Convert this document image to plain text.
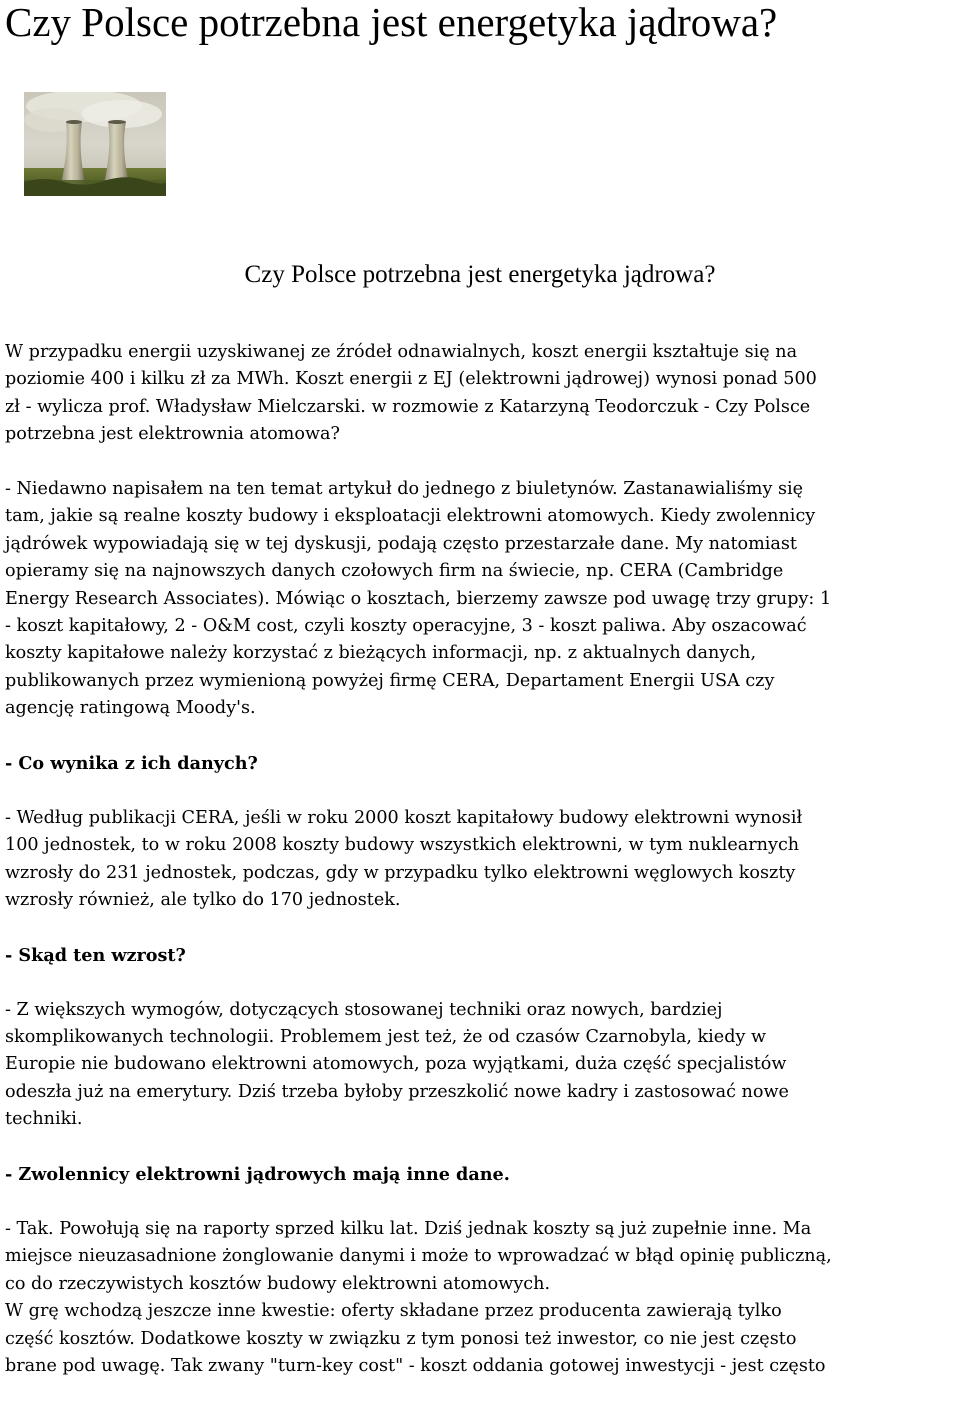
Czy Polsce potrzebna jest energetyka jądrowa?
Czy Polsce potrzebna jest energetyka jądrowa?

W przypadku energii uzyskiwanej ze źródeł odnawialnych, koszt energii kształtuje się na
poziomie 400 i kilku zł za MWh. Koszt energii z EJ (elektrowni jądrowej) wynosi ponad 500
zł - wylicza prof. Władysław Mielczarski. w rozmowie z Katarzyną Teodorczuk - Czy Polsce
potrzebna jest elektrownia atomowa?

- Niedawno napisałem na ten temat artykuł do jednego z biuletynów. Zastanawialiśmy się
tam, jakie są realne koszty budowy i eksploatacji elektrowni atomowych. Kiedy zwolennicy
jądrówek wypowiadają się w tej dyskusji, podają często przestarzałe dane. My natomiast
opieramy się na najnowszych danych czołowych firm na świecie, np. CERA (Cambridge
Energy Research Associates). Mówiąc o kosztach, bierzemy zawsze pod uwagę trzy grupy: 1
- koszt kapitałowy, 2 - O&M cost, czyli koszty operacyjne, 3 - koszt paliwa. Aby oszacować
koszty kapitałowe należy korzystać z bieżących informacji, np. z aktualnych danych,
publikowanych przez wymienioną powyżej firmę CERA, Departament Energii USA czy
agencję ratingową Moody's.

- Co wynika z ich danych?

- Według publikacji CERA, jeśli w roku 2000 koszt kapitałowy budowy elektrowni wynosił
100 jednostek, to w roku 2008 koszty budowy wszystkich elektrowni, w tym nuklearnych
wzrosły do 231 jednostek, podczas, gdy w przypadku tylko elektrowni węglowych koszty
wzrosły również, ale tylko do 170 jednostek.

- Skąd ten wzrost?

- Z większych wymogów, dotyczących stosowanej techniki oraz nowych, bardziej
skomplikowanych technologii. Problemem jest też, że od czasów Czarnobyla, kiedy w
Europie nie budowano elektrowni atomowych, poza wyjątkami, duża część specjalistów
odeszła już na emerytury. Dziś trzeba byłoby przeszkolić nowe kadry i zastosować nowe
techniki.

- Zwolennicy elektrowni jądrowych mają inne dane.

- Tak. Powołują się na raporty sprzed kilku lat. Dziś jednak koszty są już zupełnie inne. Ma
miejsce nieuzasadnione żonglowanie danymi i może to wprowadzać w błąd opinię publiczną,
co do rzeczywistych kosztów budowy elektrowni atomowych.

W grę wchodzą jeszcze inne kwestie: oferty składane przez producenta zawierają tylko
część kosztów. Dodatkowe koszty w związku z tym ponosi też inwestor, co nie jest często
brane pod uwagę. Tak zwany "turn-key cost" - koszt oddania gotowej inwestycji - jest często
